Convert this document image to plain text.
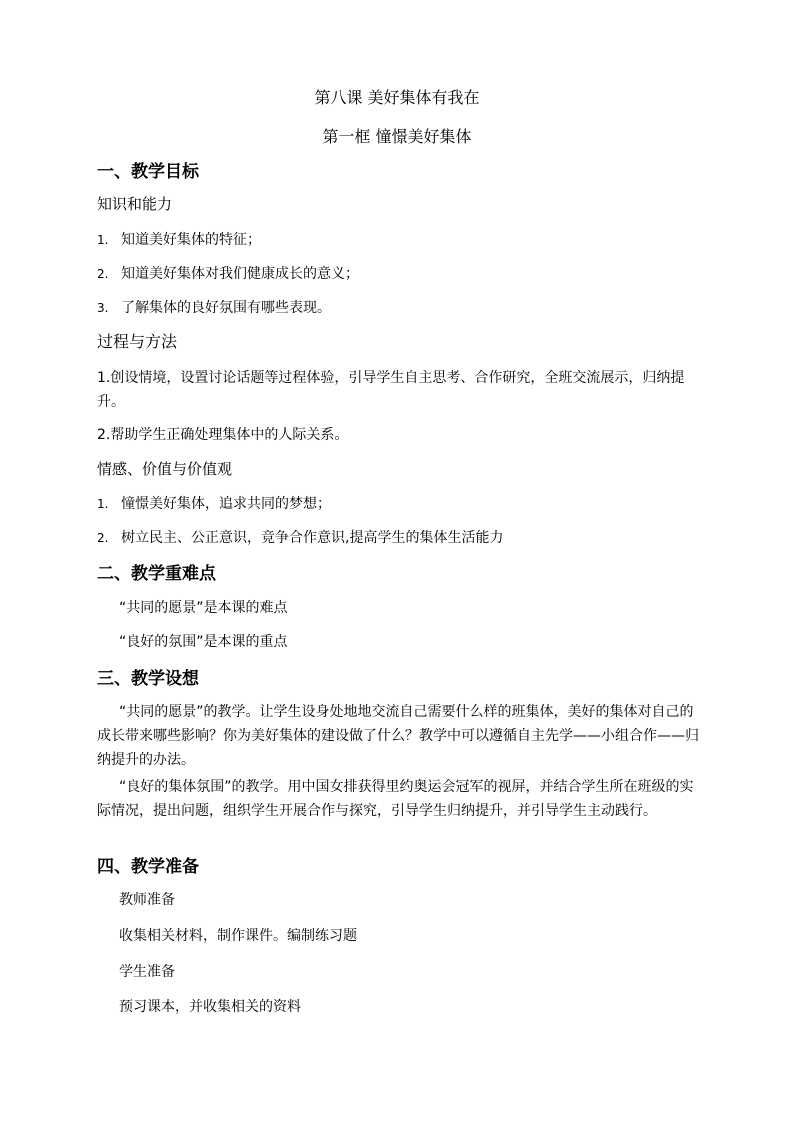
第八课 美好集体有我在
第一框 憧憬美好集体
一、教学目标
知识和能力
1. 知道美好集体的特征；
2. 知道美好集体对我们健康成长的意义；
3. 了解集体的良好氛围有哪些表现。
过程与方法
1.创设情境，设置讨论话题等过程体验，引导学生自主思考、合作研究，全班交流展示，归纳提升。
2.帮助学生正确处理集体中的人际关系。
情感、价值与价值观
1. 憧憬美好集体，追求共同的梦想；
2. 树立民主、公正意识，竞争合作意识,提高学生的集体生活能力
二、教学重难点
“共同的愿景”是本课的难点
“良好的氛围”是本课的重点
三、教学设想
“共同的愿景”的教学。让学生设身处地地交流自己需要什么样的班集体，美好的集体对自己的成长带来哪些影响？你为美好集体的建设做了什么？教学中可以遵循自主先学——小组合作——归纳提升的办法。
“良好的集体氛围”的教学。用中国女排获得里约奥运会冠军的视屏，并结合学生所在班级的实际情况，提出问题，组织学生开展合作与探究，引导学生归纳提升，并引导学生主动践行。
四、教学准备
教师准备
收集相关材料，制作课件。编制练习题
学生准备
预习课本，并收集相关的资料
